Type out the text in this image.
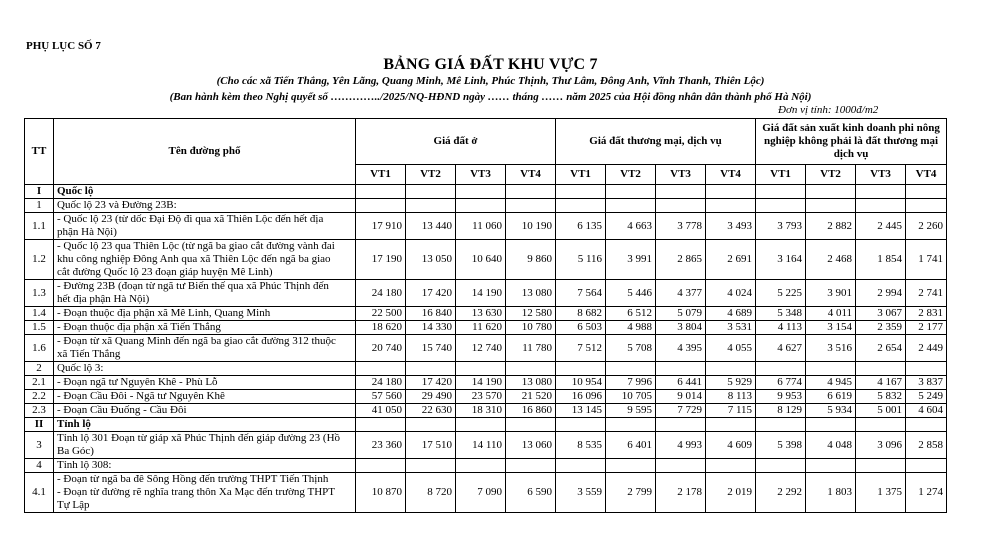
PHỤ LỤC SỐ 7
BẢNG GIÁ ĐẤT KHU VỰC 7
(Cho các xã Tiến Thắng, Yên Lãng, Quang Minh, Mê Linh, Phúc Thịnh, Thư Lâm, Đông Anh, Vĩnh Thanh, Thiên Lộc)
(Ban hành kèm theo Nghị quyết số …………../2025/NQ-HĐND ngày …… tháng …… năm 2025 của Hội đồng nhân dân thành phố Hà Nội)
Đơn vị tính: 1000đ/m2
TT	Tên đường phố	Giá đất ở				Giá đất thương mại, dịch vụ				Giá đất sản xuất kinh doanh phi nông nghiệp không phải là đất thương mại dịch vụ			
		VT1	VT2	VT3	VT4	VT1	VT2	VT3	VT4	VT1	VT2	VT3	VT4
I	Quốc lộ												

1	Quốc lộ 23 và Đường 23B:												

1.1	- Quốc lộ 23 (từ dốc Đại Độ đi qua xã Thiên Lộc đến hết địa
phận Hà Nội)	17 910	13 440	11 060	10 190	6 135	4 663	3 778	3 493	3 793	2 882	2 445	2 260
1.2	- Quốc lộ 23 qua Thiên Lộc (từ ngã ba giao cắt đường vành đai
khu công nghiệp Đông Anh qua xã Thiên Lộc đến ngã ba giao
cắt đường Quốc lộ 23 đoạn giáp huyện Mê Linh)	17 190	13 050	10 640	9 860	5 116	3 991	2 865	2 691	3 164	2 468	1 854	1 741
1.3	- Đường 23B (đoạn từ ngã tư Biến thế qua xã Phúc Thịnh đến
hết địa phận Hà Nội)	24 180	17 420	14 190	13 080	7 564	5 446	4 377	4 024	5 225	3 901	2 994	2 741
1.4	- Đoạn thuộc địa phận xã Mê Linh, Quang Minh	22 500	16 840	13 630	12 580	8 682	6 512	5 079	4 689	5 348	4 011	3 067	2 831
1.5	- Đoạn thuộc địa phận xã Tiến Thắng	18 620	14 330	11 620	10 780	6 503	4 988	3 804	3 531	4 113	3 154	2 359	2 177
1.6	- Đoạn từ xã Quang Minh đến ngã ba giao cắt đường 312 thuộc
xã Tiến Thắng	20 740	15 740	12 740	11 780	7 512	5 708	4 395	4 055	4 627	3 516	2 654	2 449
2	Quốc lộ 3:												

2.1	- Đoạn ngã tư Nguyên Khê - Phù Lỗ	24 180	17 420	14 190	13 080	10 954	7 996	6 441	5 929	6 774	4 945	4 167	3 837
2.2	- Đoạn Cầu Đôi - Ngã tư Nguyên Khê	57 560	29 490	23 570	21 520	16 096	10 705	9 014	8 113	9 953	6 619	5 832	5 249
2.3	- Đoạn Cầu Đuống - Cầu Đôi	41 050	22 630	18 310	16 860	13 145	9 595	7 729	7 115	8 129	5 934	5 001	4 604
II	Tỉnh lộ												

3	Tỉnh lộ 301 Đoạn từ giáp xã Phúc Thịnh đến giáp đường 23 (Hồ
Ba Góc)	23 360	17 510	14 110	13 060	8 535	6 401	4 993	4 609	5 398	4 048	3 096	2 858
4	Tỉnh lộ 308:												

4.1	- Đoạn từ ngã ba đê Sông Hồng đến trường THPT Tiến Thịnh
- Đoạn từ đường rẽ nghĩa trang thôn Xa Mạc đến trường THPT
Tự Lập	10 870	8 720	7 090	6 590	3 559	2 799	2 178	2 019	2 292	1 803	1 375	1 274
